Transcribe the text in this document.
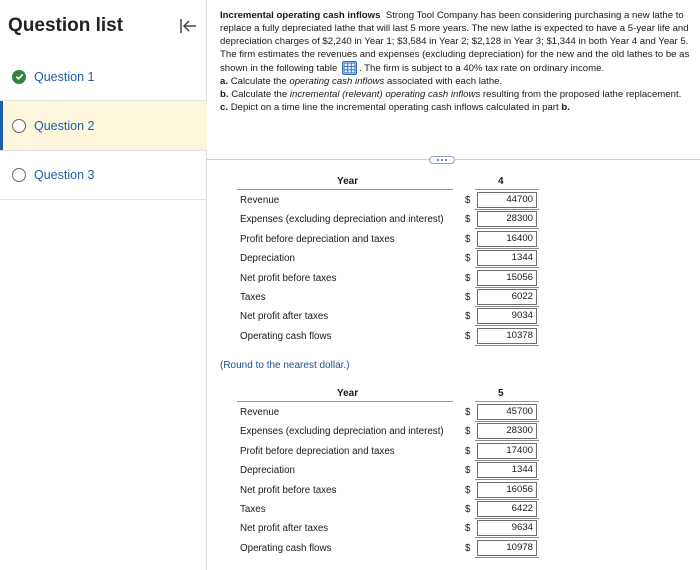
Question list
Question 1
Question 2
Question 3
Incremental operating cash inflows Strong Tool Company has been considering purchasing a new lathe to replace a fully depreciated lathe that will last 5 more years. The new lathe is expected to have a 5-year life and depreciation charges of $2,240 in Year 1; $3,584 in Year 2; $2,128 in Year 3; $1,344 in both Year 4 and Year 5. The firm estimates the revenues and expenses (excluding depreciation) for the new and the old lathes to be as shown in the following table . The firm is subject to a 40% tax rate on ordinary income.
a. Calculate the operating cash inflows associated with each lathe.
b. Calculate the incremental (relevant) operating cash inflows resulting from the proposed lathe replacement.
c. Depict on a time line the incremental operating cash inflows calculated in part b.
Year	4
Revenue	$	44700
Expenses (excluding depreciation and interest) $	28300
Profit before depreciation and taxes	$	16400
Depreciation	$	1344
Net profit before taxes	$	15056
Taxes	$	6022
Net profit after taxes	$	9034
Operating cash flows	$	10378
(Round to the nearest dollar.)
Year	5
Revenue	$	45700
Expenses (excluding depreciation and interest) $	28300
Profit before depreciation and taxes	$	17400
Depreciation	$	1344
Net profit before taxes	$	16056
Taxes	$	6422
Net profit after taxes	$	9634
Operating cash flows	$	10978
